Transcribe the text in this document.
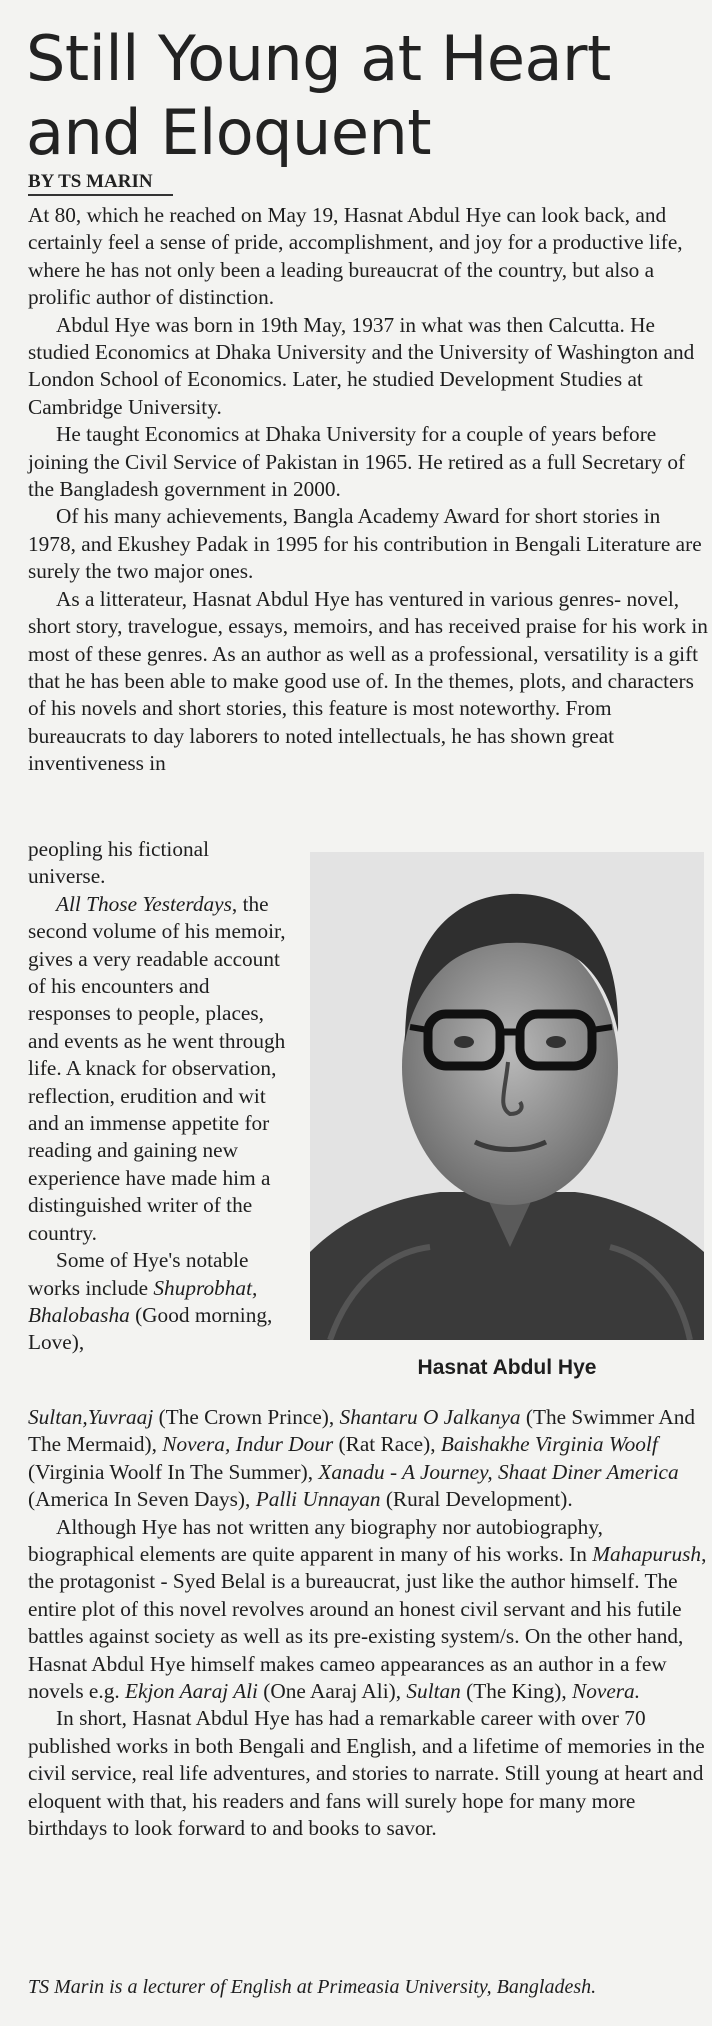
Still Young at Heart
and Eloquent
BY TS MARIN

At 80, which he reached on May 19, Hasnat Abdul Hye can look back, and certainly feel a sense of pride, accomplishment, and joy for a productive life, where he has not only been a leading bureaucrat of the country, but also a prolific author of distinction.

Abdul Hye was born in 19th May, 1937 in what was then Calcutta. He studied Economics at Dhaka University and the University of Washington and London School of Economics. Later, he studied Development Studies at Cambridge University.

He taught Economics at Dhaka University for a couple of years before joining the Civil Service of Pakistan in 1965. He retired as a full Secretary of the Bangladesh government in 2000.

Of his many achievements, Bangla Academy Award for short stories in 1978, and Ekushey Padak in 1995 for his contribution in Bengali Literature are surely the two major ones.

As a litterateur, Hasnat Abdul Hye has ventured in various genres- novel, short story, travelogue, essays, memoirs, and has received praise for his work in most of these genres. As an author as well as a professional, versatility is a gift that he has been able to make good use of. In the themes, plots, and characters of his novels and short stories, this feature is most noteworthy. From bureaucrats to day laborers to noted intellectuals, he has shown great inventiveness in

peopling his fictional universe.

All Those Yesterdays, the second volume of his memoir, gives a very readable account of his encounters and responses to people, places, and events as he went through life. A knack for observation, reflection, erudition and wit and an immense appetite for reading and gaining new experience have made him a distinguished writer of the country.

Some of Hye's notable works include Shuprobhat, Bhalobasha (Good morning, Love),

Hasnat Abdul Hye

Sultan,Yuvraaj (The Crown Prince), Shantaru O Jalkanya (The Swimmer And The Mermaid), Novera, Indur Dour (Rat Race), Baishakhe Virginia Woolf (Virginia Woolf In The Summer), Xanadu - A Journey, Shaat Diner America (America In Seven Days), Palli Unnayan (Rural Development).

Although Hye has not written any biography nor autobiography, biographical elements are quite apparent in many of his works. In Mahapurush, the protagonist - Syed Belal is a bureaucrat, just like the author himself. The entire plot of this novel revolves around an honest civil servant and his futile battles against society as well as its pre-existing system/s. On the other hand, Hasnat Abdul Hye himself makes cameo appearances as an author in a few novels e.g. Ekjon Aaraj Ali (One Aaraj Ali), Sultan (The King), Novera.

In short, Hasnat Abdul Hye has had a remarkable career with over 70 published works in both Bengali and English, and a lifetime of memories in the civil service, real life adventures, and stories to narrate. Still young at heart and eloquent with that, his readers and fans will surely hope for many more birthdays to look forward to and books to savor.

TS Marin is a lecturer of English at Primeasia University, Bangladesh.
